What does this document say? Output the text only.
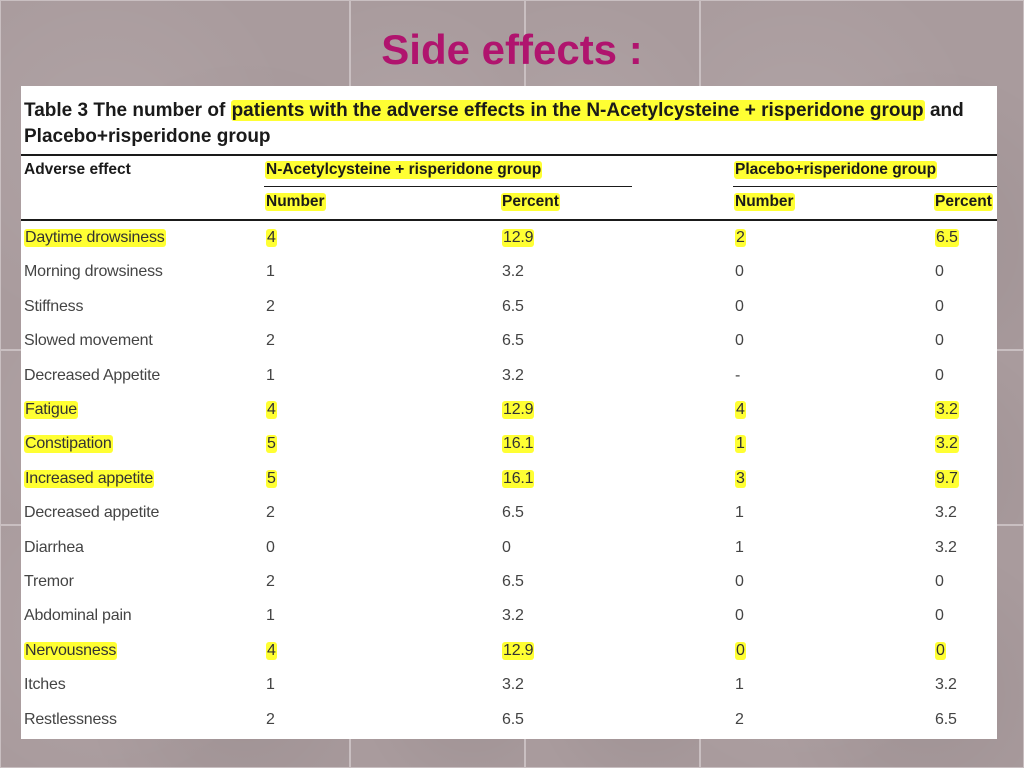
Side effects :
Table 3 The number of patients with the adverse effects in the N-Acetylcysteine + risperidone group and
Placebo+risperidone group
Adverse effect	N-Acetylcysteine + risperidone group	Placebo+risperidone group
Number	Percent	Number	Percent
Daytime drowsiness	4	12.9	2	6.5
Morning drowsiness	1	3.2	0	0
Stiffness	2	6.5	0	0
Slowed movement	2	6.5	0	0
Decreased Appetite	1	3.2	-	0
Fatigue	4	12.9	4	3.2
Constipation	5	16.1	1	3.2
Increased appetite	5	16.1	3	9.7
Decreased appetite	2	6.5	1	3.2
Diarrhea	0	0	1	3.2
Tremor	2	6.5	0	0
Abdominal pain	1	3.2	0	0
Nervousness	4	12.9	0	0
Itches	1	3.2	1	3.2
Restlessness	2	6.5	2	6.5
